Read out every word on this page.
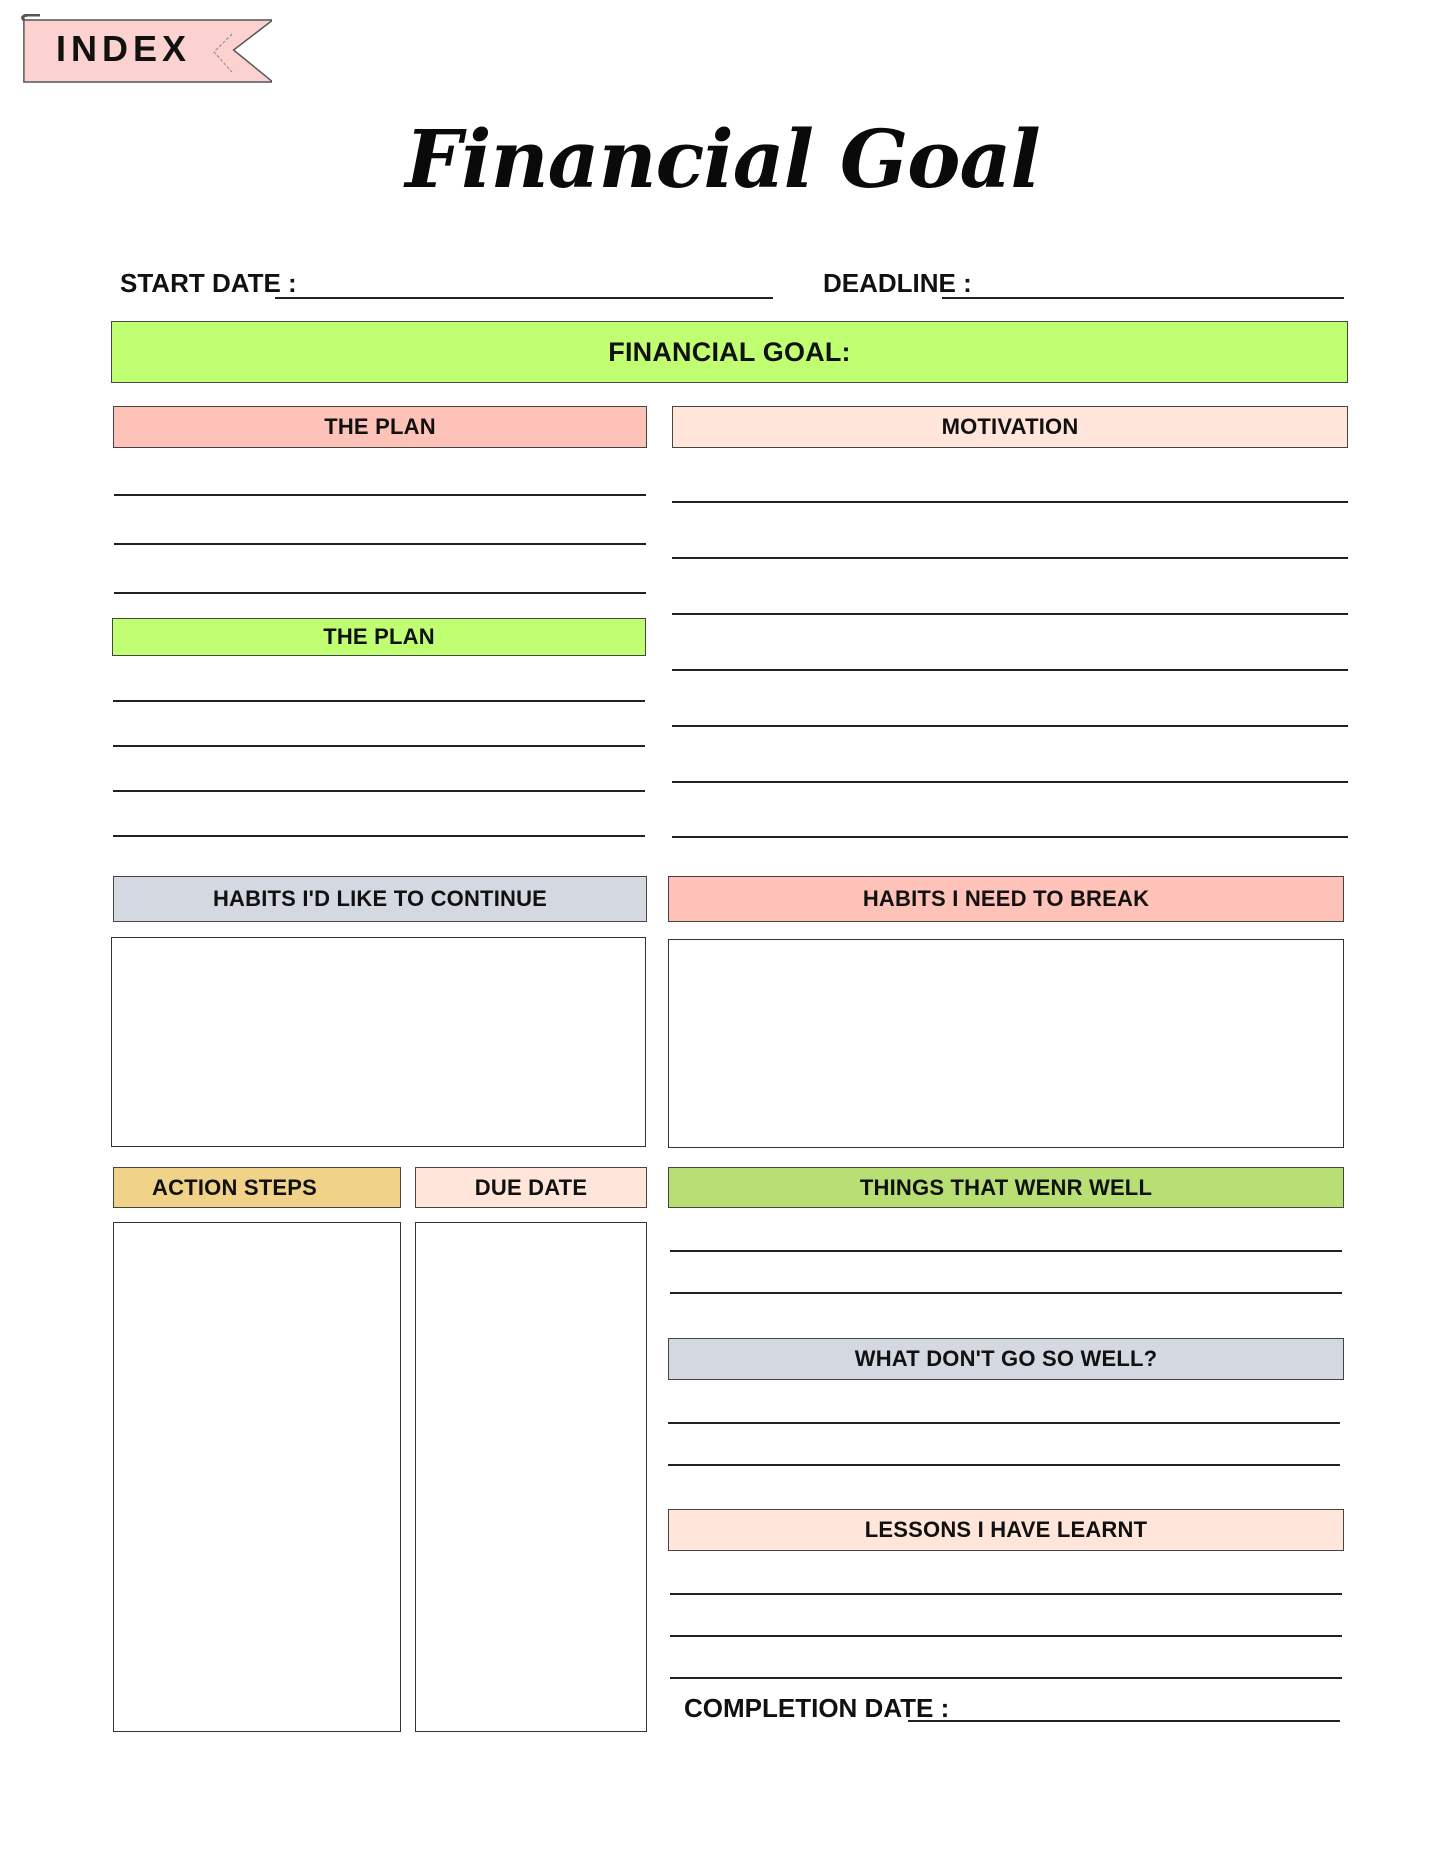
INDEX
Financial Goal
START DATE :	DEADLINE :
FINANCIAL GOAL:
THE PLAN
THE PLAN
MOTIVATION
HABITS I'D LIKE TO CONTINUE	HABITS I NEED TO BREAK
ACTION STEPS	DUE DATE	THINGS THAT WENR WELL
WHAT DON'T GO SO WELL?
LESSONS I HAVE LEARNT
COMPLETION DATE :
